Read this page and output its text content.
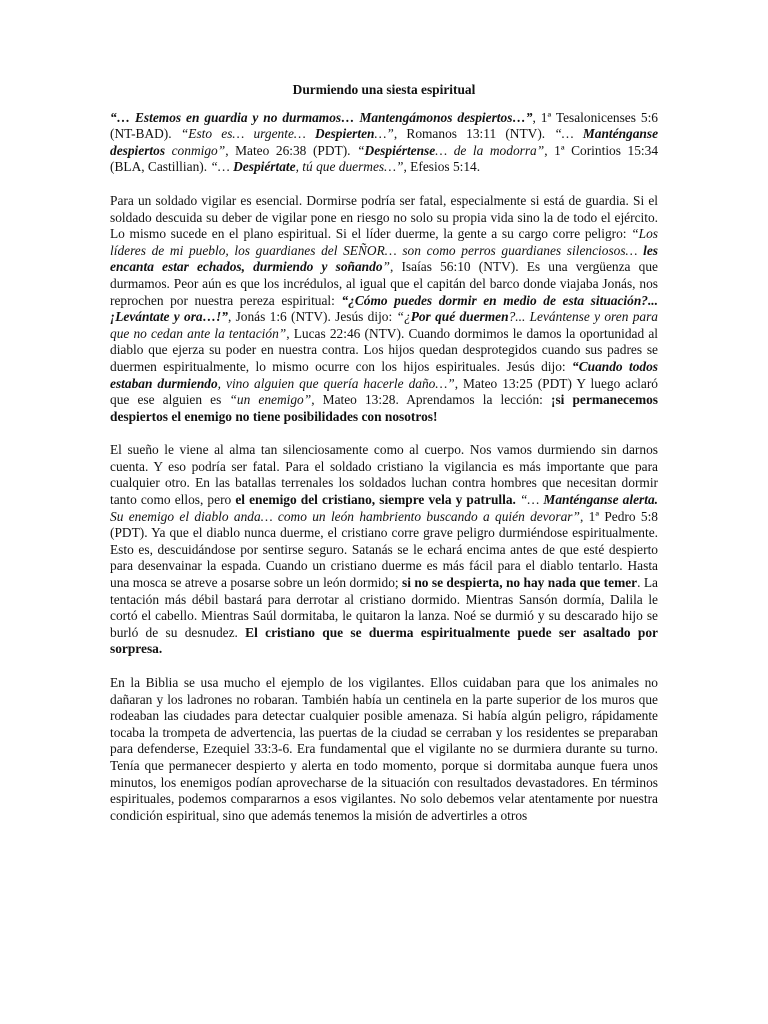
Durmiendo una siesta espiritual

“… Estemos en guardia y no durmamos… Mantengámonos despiertos…”, 1ª Tesalonicenses 5:6 (NT-BAD). “Esto es… urgente… Despierten…”, Romanos 13:11 (NTV). “… Manténganse despiertos conmigo”, Mateo 26:38 (PDT). “Despiértense… de la modorra”, 1ª Corintios 15:34 (BLA, Castillian). “… Despiértate, tú que duermes…”, Efesios 5:14.

Para un soldado vigilar es esencial. Dormirse podría ser fatal, especialmente si está de guardia. Si el soldado descuida su deber de vigilar pone en riesgo no solo su propia vida sino la de todo el ejército. Lo mismo sucede en el plano espiritual. Si el líder duerme, la gente a su cargo corre peligro: “Los líderes de mi pueblo, los guardianes del SEÑOR… son como perros guardianes silenciosos… les encanta estar echados, durmiendo y soñando”, Isaías 56:10 (NTV). Es una vergüenza que durmamos. Peor aún es que los incrédulos, al igual que el capitán del barco donde viajaba Jonás, nos reprochen por nuestra pereza espiritual: “¿Cómo puedes dormir en medio de esta situación?... ¡Levántate y ora…!”, Jonás 1:6 (NTV). Jesús dijo: “¿Por qué duermen?... Levántense y oren para que no cedan ante la tentación”, Lucas 22:46 (NTV). Cuando dormimos le damos la oportunidad al diablo que ejerza su poder en nuestra contra. Los hijos quedan desprotegidos cuando sus padres se duermen espiritualmente, lo mismo ocurre con los hijos espirituales. Jesús dijo: “Cuando todos estaban durmiendo, vino alguien que quería hacerle daño…”, Mateo 13:25 (PDT) Y luego aclaró que ese alguien es “un enemigo”, Mateo 13:28. Aprendamos la lección: ¡si permanecemos despiertos el enemigo no tiene posibilidades con nosotros!

El sueño le viene al alma tan silenciosamente como al cuerpo. Nos vamos durmiendo sin darnos cuenta. Y eso podría ser fatal. Para el soldado cristiano la vigilancia es más importante que para cualquier otro. En las batallas terrenales los soldados luchan contra hombres que necesitan dormir tanto como ellos, pero el enemigo del cristiano, siempre vela y patrulla. “… Manténganse alerta. Su enemigo el diablo anda… como un león hambriento buscando a quién devorar”, 1ª Pedro 5:8 (PDT). Ya que el diablo nunca duerme, el cristiano corre grave peligro durmiéndose espiritualmente. Esto es, descuidándose por sentirse seguro. Satanás se le echará encima antes de que esté despierto para desenvainar la espada. Cuando un cristiano duerme es más fácil para el diablo tentarlo. Hasta una mosca se atreve a posarse sobre un león dormido; si no se despierta, no hay nada que temer. La tentación más débil bastará para derrotar al cristiano dormido. Mientras Sansón dormía, Dalila le cortó el cabello. Mientras Saúl dormitaba, le quitaron la lanza. Noé se durmió y su descarado hijo se burló de su desnudez. El cristiano que se duerma espiritualmente puede ser asaltado por sorpresa.

En la Biblia se usa mucho el ejemplo de los vigilantes. Ellos cuidaban para que los animales no dañaran y los ladrones no robaran. También había un centinela en la parte superior de los muros que rodeaban las ciudades para detectar cualquier posible amenaza. Si había algún peligro, rápidamente tocaba la trompeta de advertencia, las puertas de la ciudad se cerraban y los residentes se preparaban para defenderse, Ezequiel 33:3-6. Era fundamental que el vigilante no se durmiera durante su turno. Tenía que permanecer despierto y alerta en todo momento, porque si dormitaba aunque fuera unos minutos, los enemigos podían aprovecharse de la situación con resultados devastadores. En términos espirituales, podemos compararnos a esos vigilantes. No solo debemos velar atentamente por nuestra condición espiritual, sino que además tenemos la misión de advertirles a otros
